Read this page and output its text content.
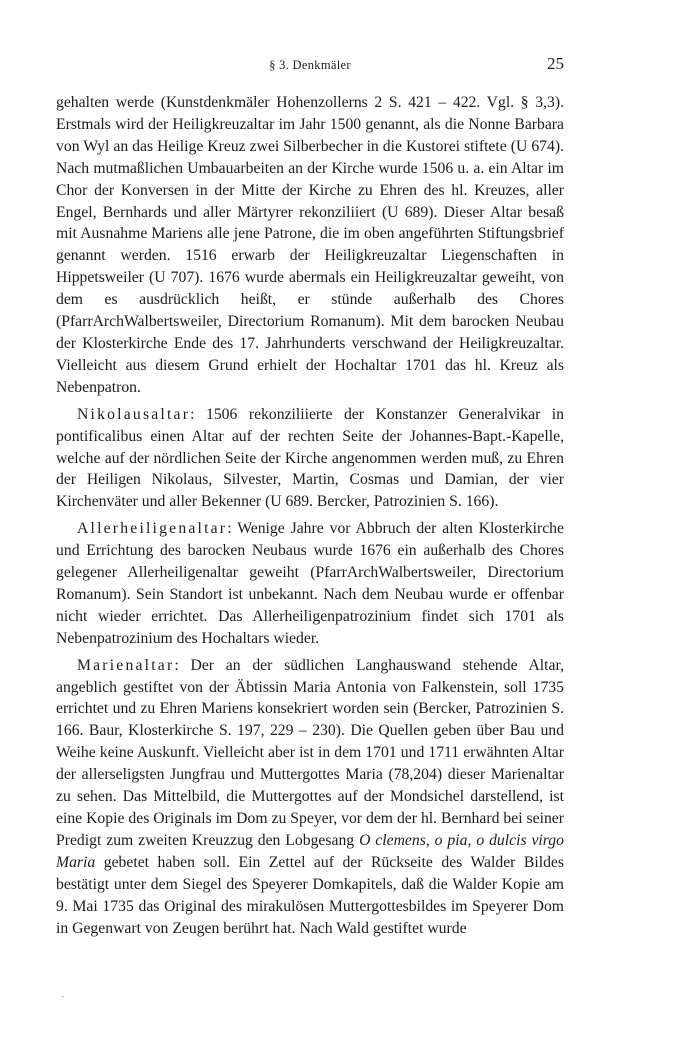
§ 3. Denkmäler	25

gehalten werde (Kunstdenkmäler Hohenzollerns 2 S. 421 – 422. Vgl. § 3,3). Erstmals wird der Heiligkreuzaltar im Jahr 1500 genannt, als die Nonne Barbara von Wyl an das Heilige Kreuz zwei Silberbecher in die Kustorei stiftete (U 674). Nach mutmaßlichen Umbauarbeiten an der Kirche wurde 1506 u. a. ein Altar im Chor der Konversen in der Mitte der Kirche zu Ehren des hl. Kreuzes, aller Engel, Bernhards und aller Märtyrer rekonziliiert (U 689). Dieser Altar besaß mit Ausnahme Mariens alle jene Patrone, die im oben angeführten Stiftungsbrief genannt werden. 1516 erwarb der Heiligkreuzaltar Liegenschaften in Hippetsweiler (U 707). 1676 wurde abermals ein Heiligkreuzaltar geweiht, von dem es ausdrücklich heißt, er stünde außerhalb des Chores (PfarrArchWalbertsweiler, Directorium Romanum). Mit dem barocken Neubau der Klosterkirche Ende des 17. Jahrhunderts verschwand der Heiligkreuzaltar. Vielleicht aus diesem Grund erhielt der Hochaltar 1701 das hl. Kreuz als Nebenpatron.

Nikolausaltar: 1506 rekonziliierte der Konstanzer Generalvikar in pontificalibus einen Altar auf der rechten Seite der Johannes-Bapt.-Kapelle, welche auf der nördlichen Seite der Kirche angenommen werden muß, zu Ehren der Heiligen Nikolaus, Silvester, Martin, Cosmas und Damian, der vier Kirchenväter und aller Bekenner (U 689. Bercker, Patrozinien S. 166).

Allerheiligenaltar: Wenige Jahre vor Abbruch der alten Klosterkirche und Errichtung des barocken Neubaus wurde 1676 ein außerhalb des Chores gelegener Allerheiligenaltar geweiht (PfarrArchWalbertsweiler, Directorium Romanum). Sein Standort ist unbekannt. Nach dem Neubau wurde er offenbar nicht wieder errichtet. Das Allerheiligenpatrozinium findet sich 1701 als Nebenpatrozinium des Hochaltars wieder.

Marienaltar: Der an der südlichen Langhauswand stehende Altar, angeblich gestiftet von der Äbtissin Maria Antonia von Falkenstein, soll 1735 errichtet und zu Ehren Mariens konsekriert worden sein (Bercker, Patrozinien S. 166. Baur, Klosterkirche S. 197, 229 – 230). Die Quellen geben über Bau und Weihe keine Auskunft. Vielleicht aber ist in dem 1701 und 1711 erwähnten Altar der allerseligsten Jungfrau und Muttergottes Maria (78,204) dieser Marienaltar zu sehen. Das Mittelbild, die Muttergottes auf der Mondsichel darstellend, ist eine Kopie des Originals im Dom zu Speyer, vor dem der hl. Bernhard bei seiner Predigt zum zweiten Kreuzzug den Lobgesang O clemens, o pia, o dulcis virgo Maria gebetet haben soll. Ein Zettel auf der Rückseite des Walder Bildes bestätigt unter dem Siegel des Speyerer Domkapitels, daß die Walder Kopie am 9. Mai 1735 das Original des mirakulösen Muttergottesbildes im Speyerer Dom in Gegenwart von Zeugen berührt hat. Nach Wald gestiftet wurde
